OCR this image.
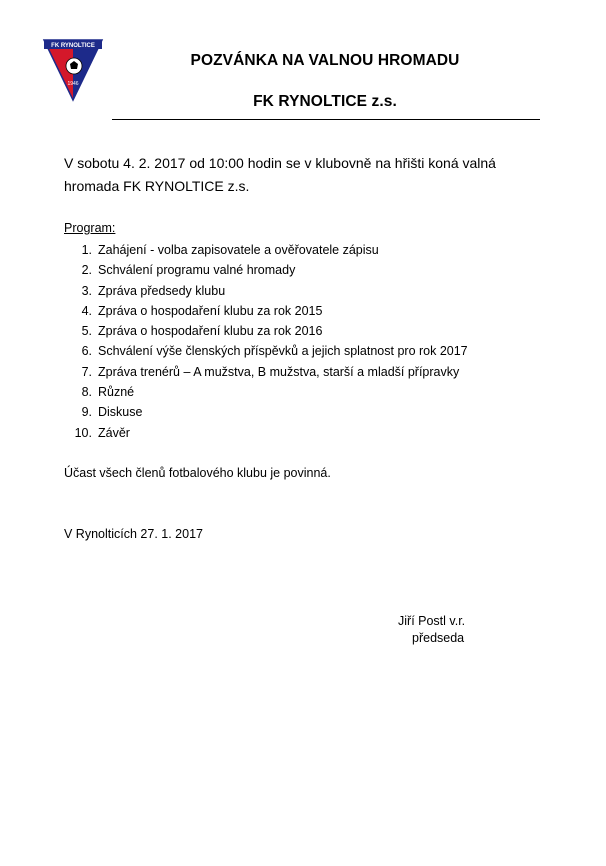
FK RYNOLTICE
1946
POZVÁNKA NA VALNOU HROMADU
FK RYNOLTICE z.s.
V sobotu 4. 2. 2017 od 10:00 hodin se v klubovně na hřišti koná valná hromada FK RYNOLTICE z.s.
Program:
1. Zahájení - volba zapisovatele a ověřovatele zápisu
2. Schválení programu valné hromady
3. Zpráva předsedy klubu
4. Zpráva o hospodaření klubu za rok 2015
5. Zpráva o hospodaření klubu za rok 2016
6. Schválení výše členských příspěvků a jejich splatnost pro rok 2017
7. Zpráva trenérů – A mužstva, B mužstva, starší a mladší přípravky
8. Různé
9. Diskuse
10. Závěr
Účast všech členů fotbalového klubu je povinná.
V Rynolticích 27. 1. 2017
Jiří Postl v.r.
předseda
